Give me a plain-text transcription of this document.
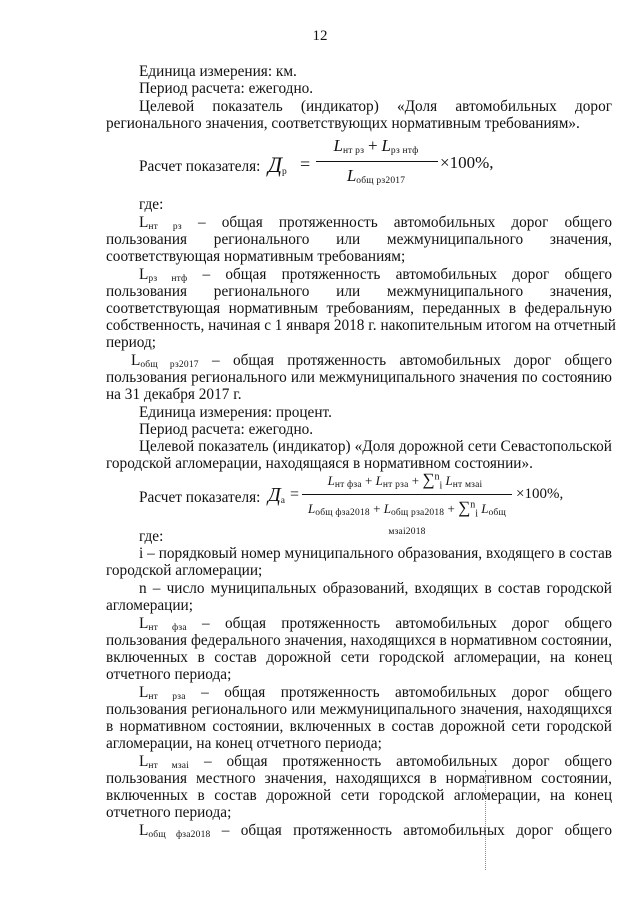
12
Единица измерения: км.
Период расчета: ежегодно.
Целевой показатель (индикатор) «Доля автомобильных дорог
регионального значения, соответствующих нормативным требованиям».
Расчет показателя: Др =
Lнт рз + Lрз нтф
Lобщ рз2017
×100%,
где:
Lнт рз – общая протяженность автомобильных дорог общего
пользования регионального или межмуниципального значения,
соответствующая нормативным требованиям;
Lрз нтф – общая протяженность автомобильных дорог общего
пользования регионального или межмуниципального значения,
соответствующая нормативным требованиям, переданных в федеральную
собственность, начиная с 1 января 2018 г. накопительным итогом на отчетный
период;
Lобщ рз2017 – общая протяженность автомобильных дорог общего
пользования регионального или межмуниципального значения по состоянию
на 31 декабря 2017 г.
Единица измерения: процент.
Период расчета: ежегодно.
Целевой показатель (индикатор) «Доля дорожной сети Севастопольской
городской агломерации, находящаяся в нормативном состоянии».
Расчет показателя: Да =
Lнт фза + Lнт рза + ∑$^n_i$ Lнт мзai
Lобщ фза2018 + Lобщ рза2018 + ∑$^n_i$ Lобщ мзai2018
×100%,
где:
i – порядковый номер муниципального образования, входящего в состав
городской агломерации;
n – число муниципальных образований, входящих в состав городской
агломерации;
Lнт фза – общая протяженность автомобильных дорог общего
пользования федерального значения, находящихся в нормативном состоянии,
включенных в состав дорожной сети городской агломерации, на конец
отчетного периода;
Lнт рза – общая протяженность автомобильных дорог общего
пользования регионального или межмуниципального значения, находящихся
в нормативном состоянии, включенных в состав дорожной сети городской
агломерации, на конец отчетного периода;
Lнт мзai – общая протяженность автомобильных дорог общего
пользования местного значения, находящихся в нормативном состоянии,
включенных в состав дорожной сети городской агломерации, на конец
отчетного периода;
Lобщ фза2018 – общая протяженность автомобильных дорог общего
